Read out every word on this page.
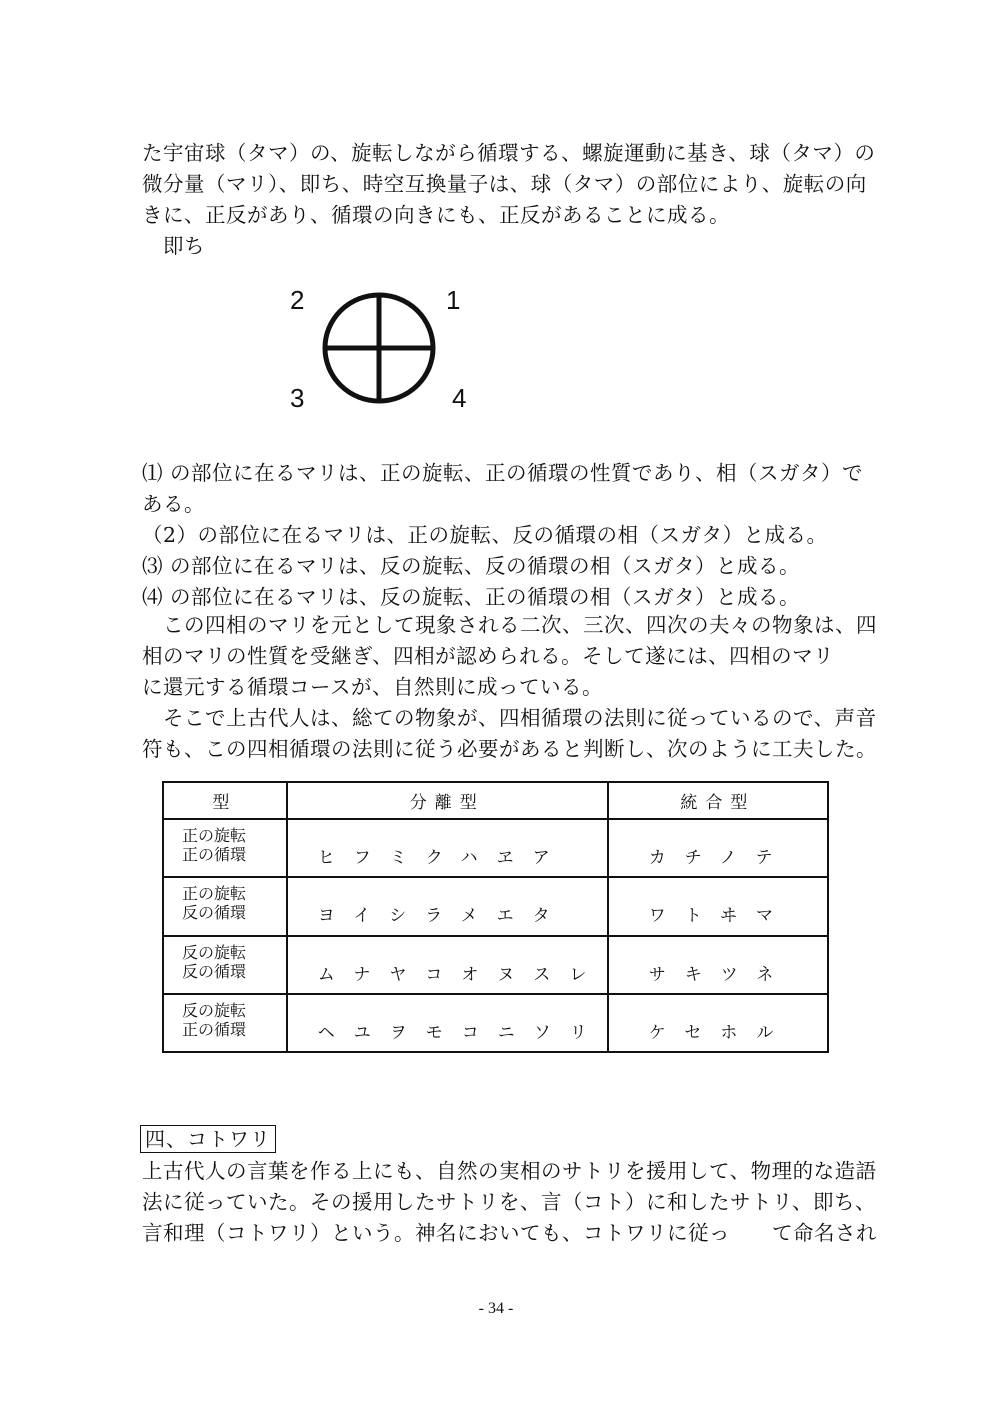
た宇宙球（タマ）の、旋転しながら循環する、螺旋運動に基き、球（タマ）の
微分量（マリ）、即ち、時空互換量子は、球（タマ）の部位により、旋転の向
きに、正反があり、循環の向きにも、正反があることに成る。
即ち
2	1
3	4
⑴ の部位に在るマリは、正の旋転、正の循環の性質であり、相（スガタ）で
ある。
（2）の部位に在るマリは、正の旋転、反の循環の相（スガタ）と成る。
⑶ の部位に在るマリは、反の旋転、反の循環の相（スガタ）と成る。
⑷ の部位に在るマリは、反の旋転、正の循環の相（スガタ）と成る。
この四相のマリを元として現象される二次、三次、四次の夫々の物象は、四
相のマリの性質を受継ぎ、四相が認められる。そして遂には、四相のマリ
に還元する循環コースが、自然則に成っている。
そこで上古代人は、総ての物象が、四相循環の法則に従っているので、声音
符も、この四相循環の法則に従う必要があると判断し、次のように工夫した。
型	分離型	統合型

正の旋転
正の循環	ヒフミクハヱア	カチノテ

正の旋転
反の循環	ヨイシラメエタ	ワトヰマ

反の旋転
反の循環	ムナヤコオヌスレ	サキツネ

反の旋転
正の循環	ヘユヲモコニソリ	ケセホル
四、コトワリ
上古代人の言葉を作る上にも、自然の実相のサトリを援用して、物理的な造語
法に従っていた。その援用したサトリを、言（コト）に和したサトリ、即ち、
言和理（コトワリ）という。神名においても、コトワリに従っ　　て命名され
- 34 -
